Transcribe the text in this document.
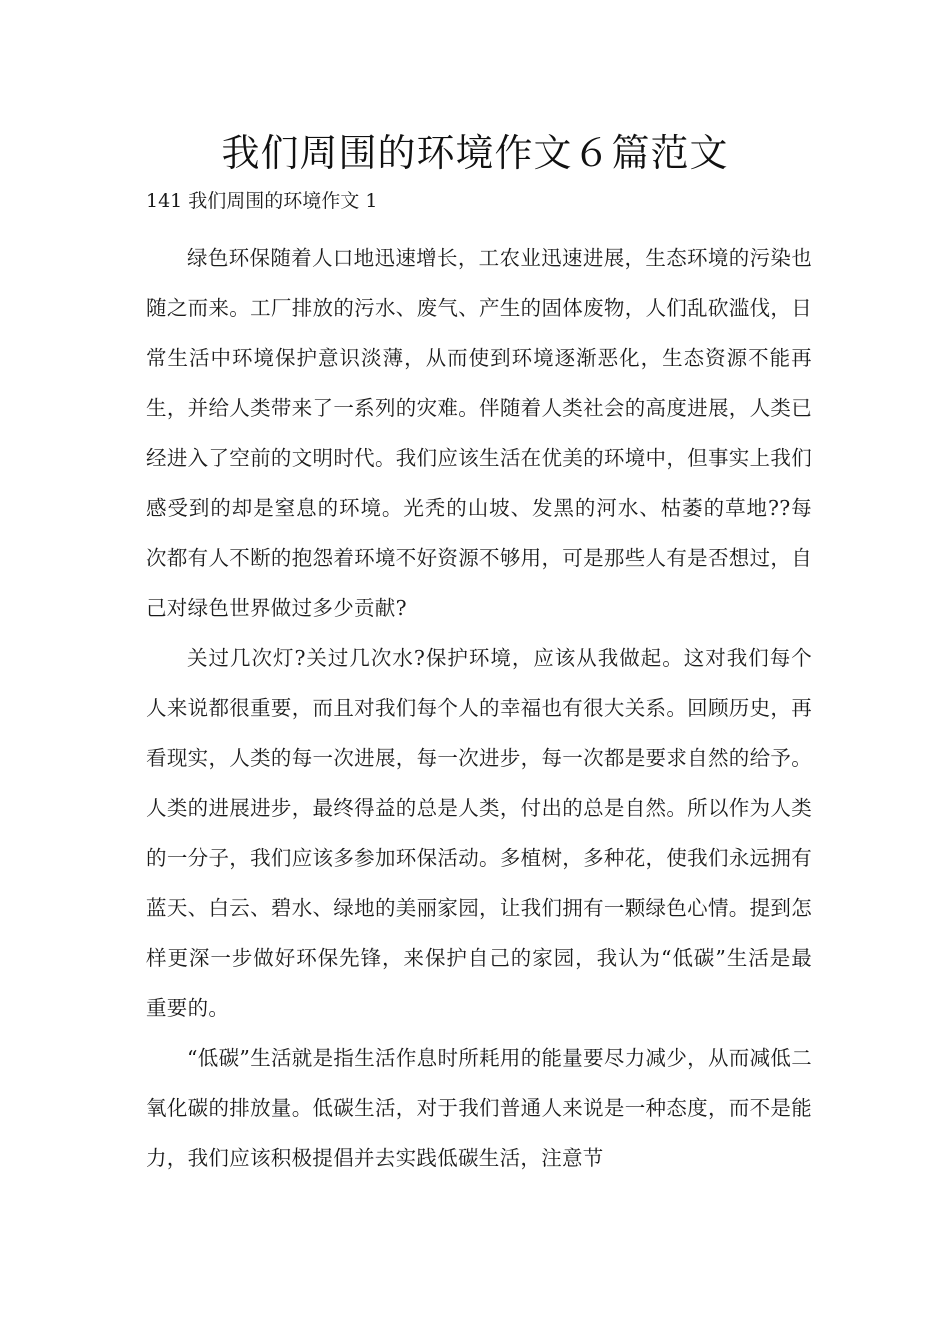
我们周围的环境作文６篇范文
141 我们周围的环境作文 1

绿色环保随着人口地迅速增长，工农业迅速进展，生态环境的污染也随之而来。工厂排放的污水、废气、产生的固体废物，人们乱砍滥伐，日常生活中环境保护意识淡薄，从而使到环境逐渐恶化，生态资源不能再生，并给人类带来了一系列的灾难。伴随着人类社会的高度进展，人类已经进入了空前的文明时代。我们应该生活在优美的环境中，但事实上我们感受到的却是窒息的环境。光秃的山坡、发黑的河水、枯萎的草地??每次都有人不断的抱怨着环境不好资源不够用，可是那些人有是否想过，自己对绿色世界做过多少贡献?

关过几次灯?关过几次水?保护环境，应该从我做起。这对我们每个人来说都很重要，而且对我们每个人的幸福也有很大关系。回顾历史，再看现实，人类的每一次进展，每一次进步，每一次都是要求自然的给予。人类的进展进步，最终得益的总是人类，付出的总是自然。所以作为人类的一分子，我们应该多参加环保活动。多植树，多种花，使我们永远拥有蓝天、白云、碧水、绿地的美丽家园，让我们拥有一颗绿色心情。提到怎样更深一步做好环保先锋，来保护自己的家园，我认为“低碳”生活是最重要的。

“低碳”生活就是指生活作息时所耗用的能量要尽力减少，从而减低二氧化碳的排放量。低碳生活，对于我们普通人来说是一种态度，而不是能力，我们应该积极提倡并去实践低碳生活，注意节
